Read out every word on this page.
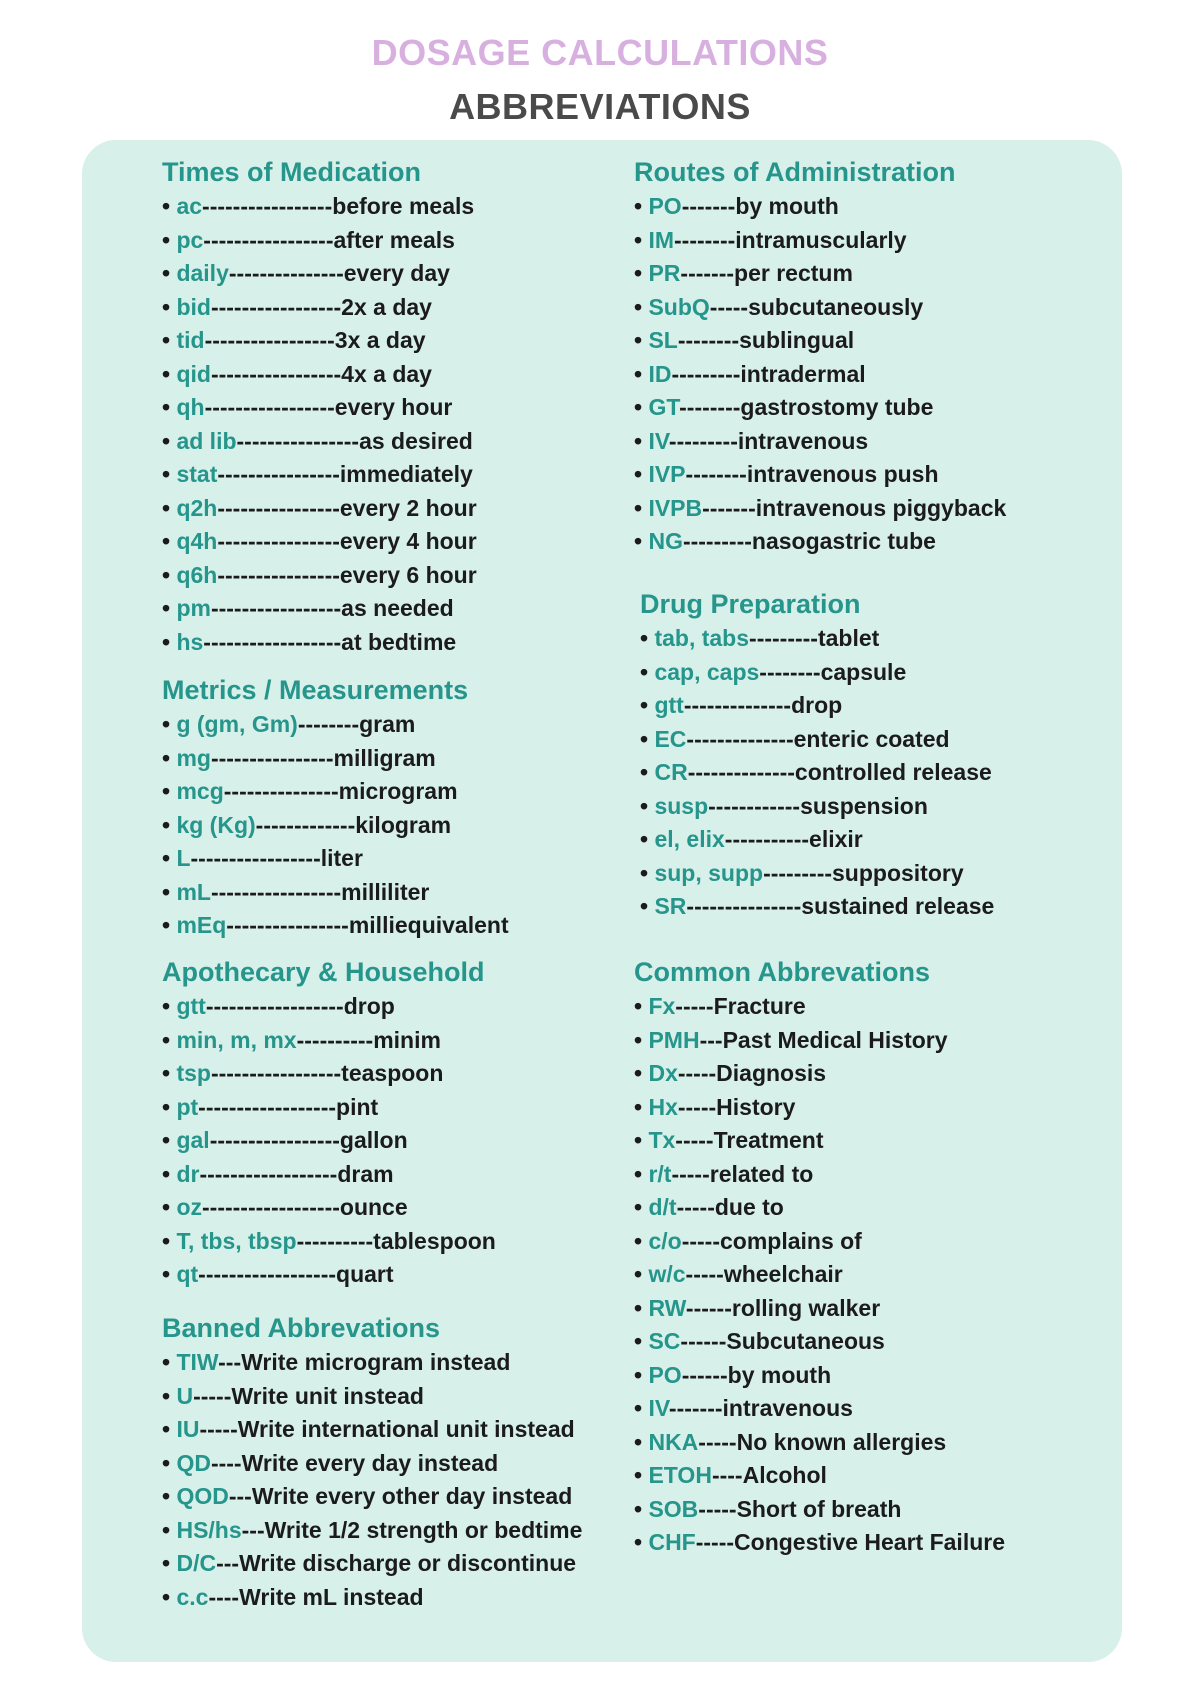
DOSAGE CALCULATIONS
ABBREVIATIONS
Times of Medication
• ac-----------------before meals
• pc-----------------after meals
• daily---------------every day
• bid-----------------2x a day
• tid-----------------3x a day
• qid-----------------4x a day
• qh-----------------every hour
• ad lib----------------as desired
• stat----------------immediately
• q2h----------------every 2 hour
• q4h----------------every 4 hour
• q6h----------------every 6 hour
• pm-----------------as needed
• hs------------------at bedtime
Metrics / Measurements
• g (gm, Gm)--------gram
• mg----------------milligram
• mcg---------------microgram
• kg (Kg)-------------kilogram
• L-----------------liter
• mL-----------------milliliter
• mEq----------------milliequivalent
Apothecary & Household
• gtt------------------drop
• min, m, mx----------minim
• tsp-----------------teaspoon
• pt------------------pint
• gal-----------------gallon
• dr------------------dram
• oz------------------ounce
• T, tbs, tbsp----------tablespoon
• qt------------------quart
Banned Abbrevations
• TIW---Write microgram instead
• U-----Write unit instead
• IU-----Write international unit instead
• QD----Write every day instead
• QOD---Write every other day instead
• HS/hs---Write 1/2 strength or bedtime
• D/C---Write discharge or discontinue
• c.c----Write mL instead
Routes of Administration
• PO-------by mouth
• IM--------intramuscularly
• PR-------per rectum
• SubQ-----subcutaneously
• SL--------sublingual
• ID---------intradermal
• GT--------gastrostomy tube
• IV---------intravenous
• IVP--------intravenous push
• IVPB-------intravenous piggyback
• NG---------nasogastric tube
Drug Preparation
• tab, tabs---------tablet
• cap, caps--------capsule
• gtt--------------drop
• EC--------------enteric coated
• CR--------------controlled release
• susp------------suspension
• el, elix-----------elixir
• sup, supp---------suppository
• SR---------------sustained release
Common Abbrevations
• Fx-----Fracture
• PMH---Past Medical History
• Dx-----Diagnosis
• Hx-----History
• Tx-----Treatment
• r/t-----related to
• d/t-----due to
• c/o-----complains of
• w/c-----wheelchair
• RW------rolling walker
• SC------Subcutaneous
• PO------by mouth
• IV-------intravenous
• NKA-----No known allergies
• ETOH----Alcohol
• SOB-----Short of breath
• CHF-----Congestive Heart Failure
